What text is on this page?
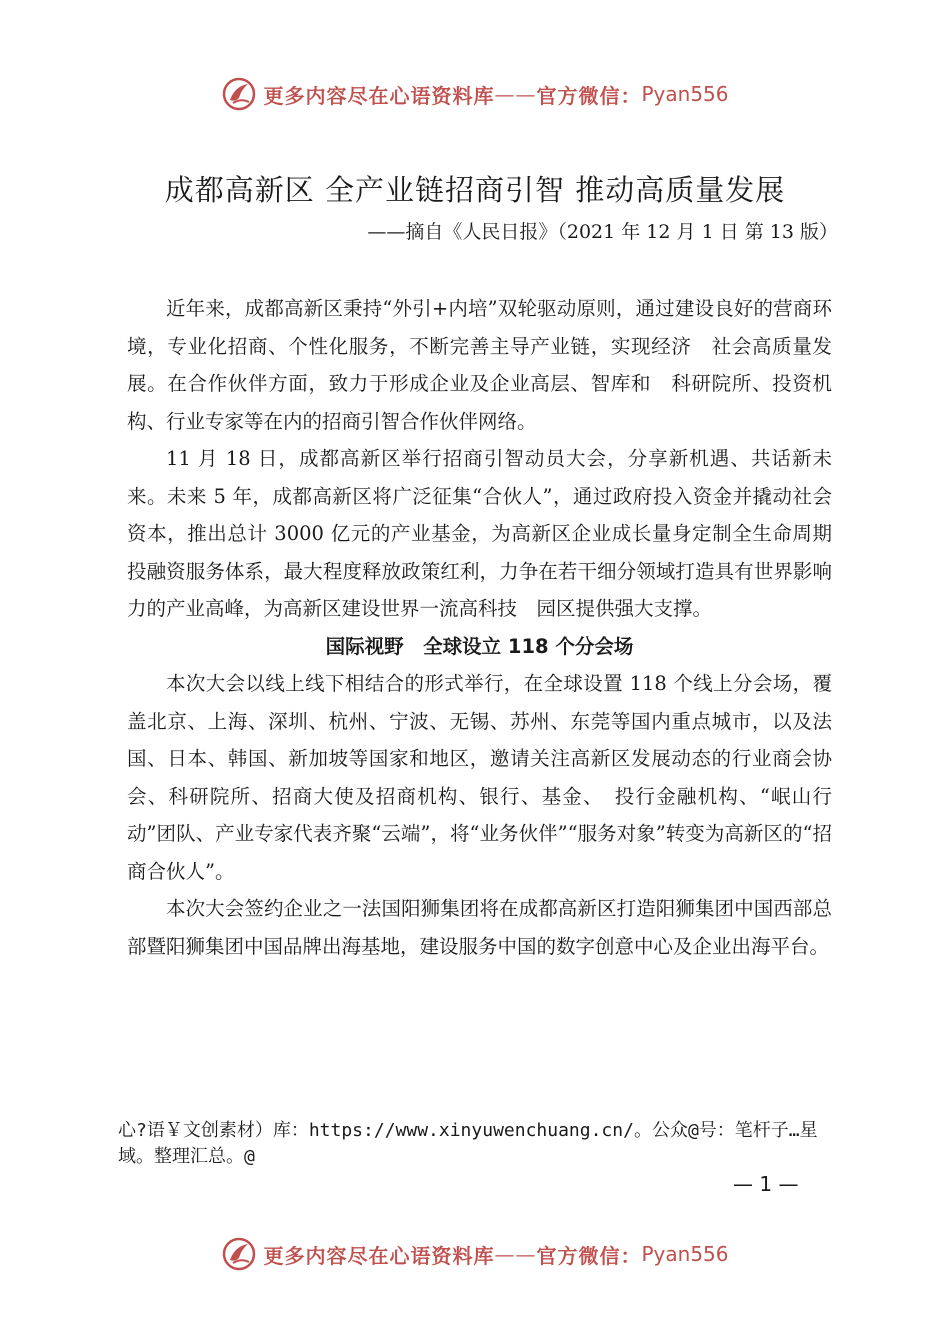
更多内容尽在心语资料库 —— 官方微信： Pyan556
成都高新区 全产业链招商引智 推动高质量发展
——摘自《人民日报》（2021 年 12 月 1 日 第 13 版）

近年来，成都高新区秉持“外引+内培”双轮驱动原则，通过建设良好的营商环境，专业化招商、个性化服务，不断完善主导产业链，实现经济　社会高质量发展。在合作伙伴方面，致力于形成企业及企业高层、智库和　科研院所、投资机构、行业专家等在内的招商引智合作伙伴网络。

11 月 18 日，成都高新区举行招商引智动员大会，分享新机遇、共话新未来。未来 5 年，成都高新区将广泛征集“合伙人”，通过政府投入资金并撬动社会资本，推出总计 3000 亿元的产业基金，为高新区企业成长量身定制全生命周期投融资服务体系，最大程度释放政策红利，力争在若干细分领域打造具有世界影响力的产业高峰，为高新区建设世界一流高科技　园区提供强大支撑。

国际视野　全球设立 118 个分会场

本次大会以线上线下相结合的形式举行，在全球设置 118 个线上分会场，覆盖北京、上海、深圳、杭州、宁波、无锡、苏州、东莞等国内重点城市，以及法国、日本、韩国、新加坡等国家和地区，邀请关注高新区发展动态的行业商会协会、科研院所、招商大使及招商机构、银行、基金、　投行金融机构、“岷山行动”团队、产业专家代表齐聚“云端”，将“业务伙伴”“服务对象”转变为高新区的“招商合伙人”。

本次大会签约企业之一法国阳狮集团将在成都高新区打造阳狮集团中国西部总部暨阳狮集团中国品牌出海基地，建设服务中国的数字创意中心及企业出海平台。

心?语￥文创素材）库：https://www.xinyuwenchuang.cn/。公众@号：笔杆子…星域。整理汇总。@
— 1 —
更多内容尽在心语资料库 —— 官方微信： Pyan556
